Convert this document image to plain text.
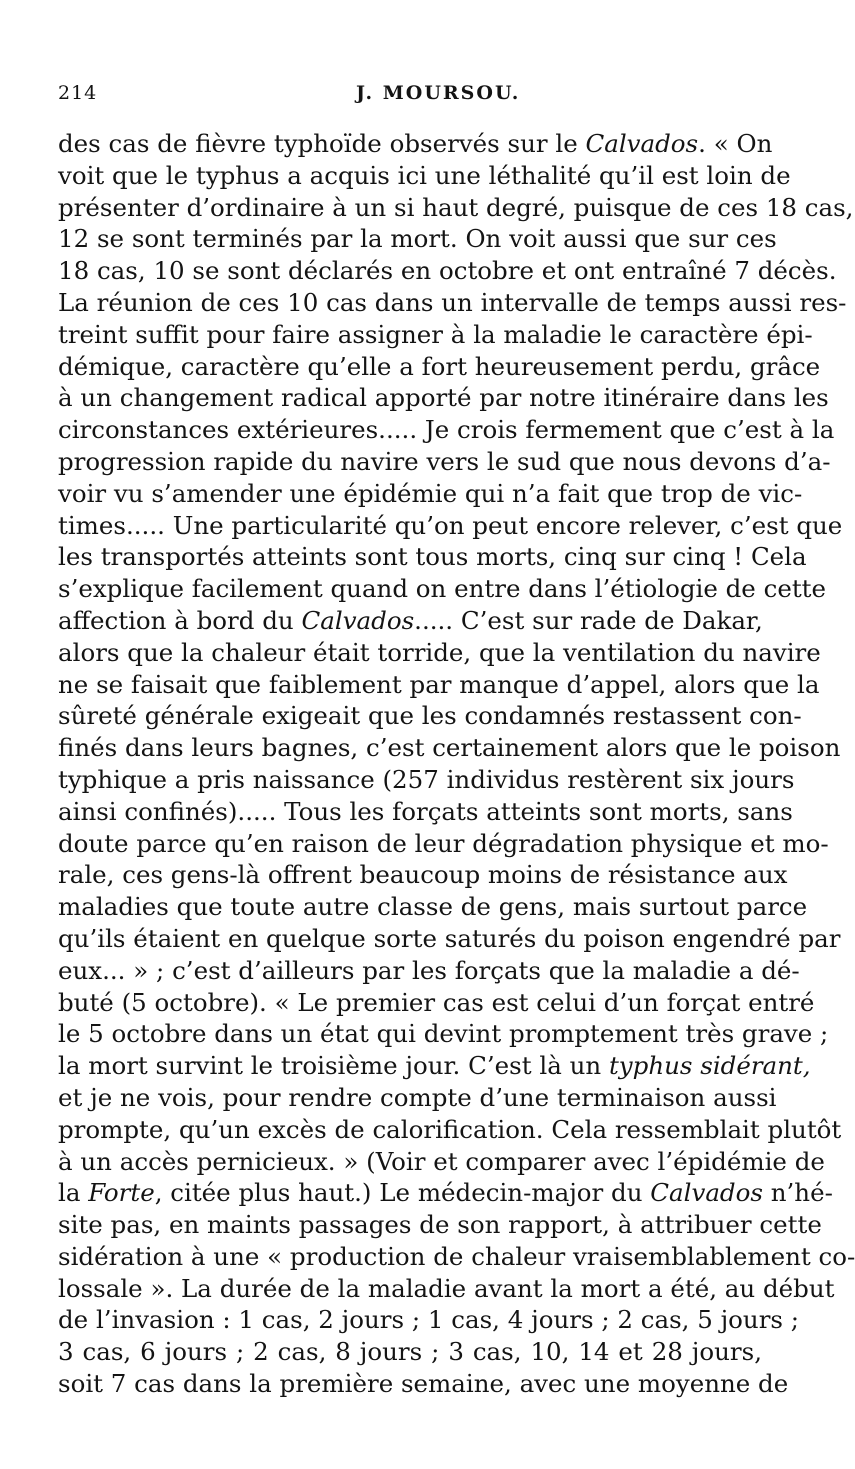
214	J. MOURSOU.
des cas de fièvre typhoïde observés sur le Calvados. « On
voit que le typhus a acquis ici une léthalité qu’il est loin de
présenter d’ordinaire à un si haut degré, puisque de ces 18 cas,
12 se sont terminés par la mort. On voit aussi que sur ces
18 cas, 10 se sont déclarés en octobre et ont entraîné 7 décès.
La réunion de ces 10 cas dans un intervalle de temps aussi res-
treint suffit pour faire assigner à la maladie le caractère épi-
démique, caractère qu’elle a fort heureusement perdu, grâce
à un changement radical apporté par notre itinéraire dans les
circonstances extérieures..... Je crois fermement que c’est à la
progression rapide du navire vers le sud que nous devons d’a-
voir vu s’amender une épidémie qui n’a fait que trop de vic-
times..... Une particularité qu’on peut encore relever, c’est que
les transportés atteints sont tous morts, cinq sur cinq ! Cela
s’explique facilement quand on entre dans l’étiologie de cette
affection à bord du Calvados..... C’est sur rade de Dakar,
alors que la chaleur était torride, que la ventilation du navire
ne se faisait que faiblement par manque d’appel, alors que la
sûreté générale exigeait que les condamnés restassent con-
finés dans leurs bagnes, c’est certainement alors que le poison
typhique a pris naissance (257 individus restèrent six jours
ainsi confinés)..... Tous les forçats atteints sont morts, sans
doute parce qu’en raison de leur dégradation physique et mo-
rale, ces gens-là offrent beaucoup moins de résistance aux
maladies que toute autre classe de gens, mais surtout parce
qu’ils étaient en quelque sorte saturés du poison engendré par
eux... » ; c’est d’ailleurs par les forçats que la maladie a dé-
buté (5 octobre). « Le premier cas est celui d’un forçat entré
le 5 octobre dans un état qui devint promptement très grave ;
la mort survint le troisième jour. C’est là un typhus sidérant,
et je ne vois, pour rendre compte d’une terminaison aussi
prompte, qu’un excès de calorification. Cela ressemblait plutôt
à un accès pernicieux. » (Voir et comparer avec l’épidémie de
la Forte, citée plus haut.) Le médecin-major du Calvados n’hé-
site pas, en maints passages de son rapport, à attribuer cette
sidération à une « production de chaleur vraisemblablement co-
lossale ». La durée de la maladie avant la mort a été, au début
de l’invasion : 1 cas, 2 jours ; 1 cas, 4 jours ; 2 cas, 5 jours ;
3 cas, 6 jours ; 2 cas, 8 jours ; 3 cas, 10, 14 et 28 jours,
soit 7 cas dans la première semaine, avec une moyenne de
